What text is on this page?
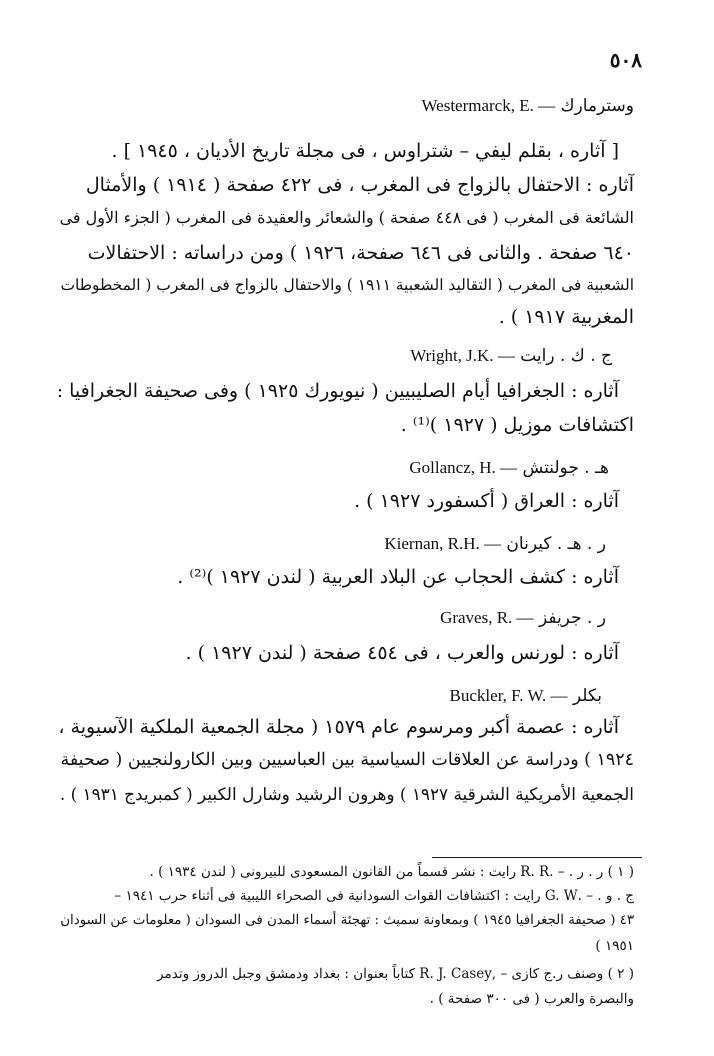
٥٠٨
وسترمارك Westermarck, E. —
[ آثاره ، بقلم ليفي – شتراوس ، فى مجلة تاريخ الأديان ، ١٩٤٥ ] .
آثاره : الاحتفال بالزواج فى المغرب ، فى ٤٢٢ صفحة ( ١٩١٤ ) والأمثال
الشائعة فى المغرب ( فى ٤٤٨ صفحة ) والشعائر والعقيدة فى المغرب ( الجزء الأول فى
٦٤٠ صفحة . والثانى فى ٦٤٦ صفحة، ١٩٢٦ ) ومن دراساته : الاحتفالات
الشعبية فى المغرب ( التقاليد الشعبية ١٩١١ ) والاحتفال بالزواج فى المغرب ( المخطوطات
المغربية ١٩١٧ ) .
ج . ك . رايت Wright, J.K. —
آثاره : الجغرافيا أيام الصليبيين ( نيويورك ١٩٢٥ ) وفى صحيفة الجغرافيا :
اكتشافات موزيل ( ١٩٢٧ )⁽¹⁾ .
هـ . جولنتش Gollancz, H. —
آثاره : العراق ( أكسفورد ١٩٢٧ ) .
ر . هـ . كيرنان Kiernan, R.H. —
آثاره : كشف الحجاب عن البلاد العربية ( لندن ١٩٢٧ )⁽²⁾ .
ر . جريفز Graves, R. —
آثاره : لورنس والعرب ، فى ٤٥٤ صفحة ( لندن ١٩٢٧ ) .
بكلر Buckler, F. W. —
آثاره : عصمة أكبر ومرسوم عام ١٥٧٩ ( مجلة الجمعية الملكية الآسيوية ،
١٩٢٤ ) ودراسة عن العلاقات السياسية بين العباسيين وبين الكارولنجيين ( صحيفة
الجمعية الأمريكية الشرقية ١٩٢٧ ) وهرون الرشيد وشارل الكبير ( كمبريدج ١٩٣١ ) .
( ١ ) ر . ر . – .R. R رايت : نشر قسماً من القانون المسعودى للبيرونى ( لندن ١٩٣٤ ) .
ج . و . – .G. W رايت : اكتشافات القوات السودانية فى الصحراء الليبية فى أثناء حرب ١٩٤١ –
٤٣ ( صحيفة الجغرافيا ١٩٤٥ ) وبمعاونة سميث : تهجئة أسماء المدن فى السودان ( معلومات عن السودان
١٩٥١ )
( ٢ ) وصنف ر.ج كازى – ,R. J. Casey كتاباً بعنوان : بغداد ودمشق وجبل الدروز وتدمر
والبصرة والعرب ( فى ٣٠٠ صفحة ) .
